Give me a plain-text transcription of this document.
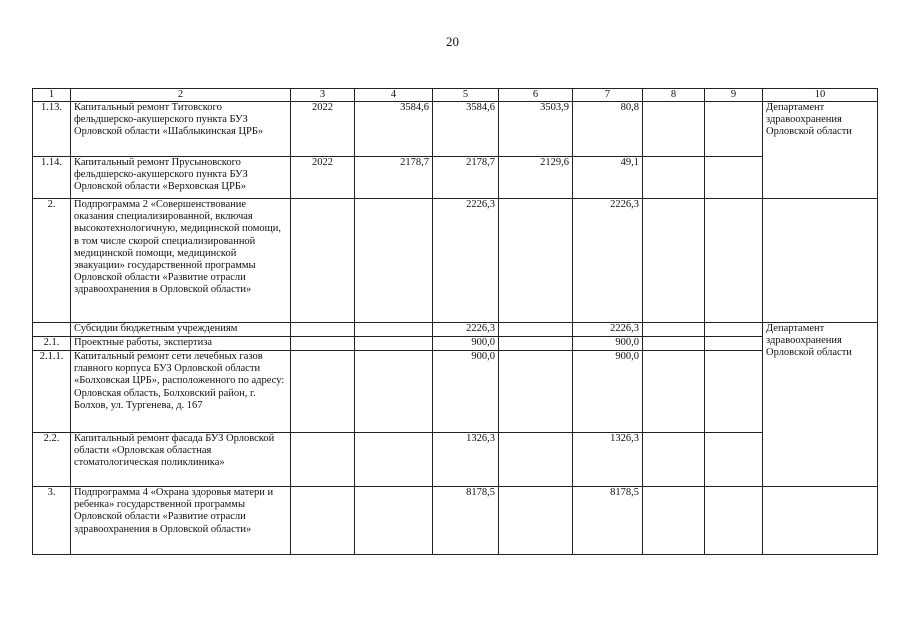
20
1	2	3	4	5	6	7	8	9	10
1.13.	Капитальный ремонт Титовского фельдшерско-акушерского пункта БУЗ Орловской области «Шаблыкинская ЦРБ»	2022	3584,6	3584,6	3503,9	80,8			Департамент здравоохранения Орловской области
1.14.	Капитальный ремонт Прусыновского фельдшерско-акушерского пункта БУЗ Орловской области «Верховская ЦРБ»	2022	2178,7	2178,7	2129,6	49,1			
2.	Подпрограмма 2 «Совершенствование оказания специализированной, включая высокотехнологичную, медицинской помощи, в том числе скорой специализированной медицинской помощи, медицинской эвакуации» государственной программы Орловской области «Развитие отрасли здравоохранения в Орловской области»			2226,3		2226,3			
	Субсидии бюджетным учреждениям			2226,3		2226,3			Департамент здравоохранения Орловской области
2.1.	Проектные работы, экспертиза			900,0		900,0			
2.1.1.	Капитальный ремонт сети лечебных газов главного корпуса БУЗ Орловской области «Болховская ЦРБ», расположенного по адресу: Орловская область, Болховский район, г. Болхов, ул. Тургенева, д. 167			900,0		900,0			
2.2.	Капитальный ремонт фасада БУЗ Орловской области «Орловская областная стоматологическая поликлиника»			1326,3		1326,3			
3.	Подпрограмма 4 «Охрана здоровья матери и ребенка» государственной программы Орловской области «Развитие отрасли здравоохранения в Орловской области»			8178,5		8178,5			
